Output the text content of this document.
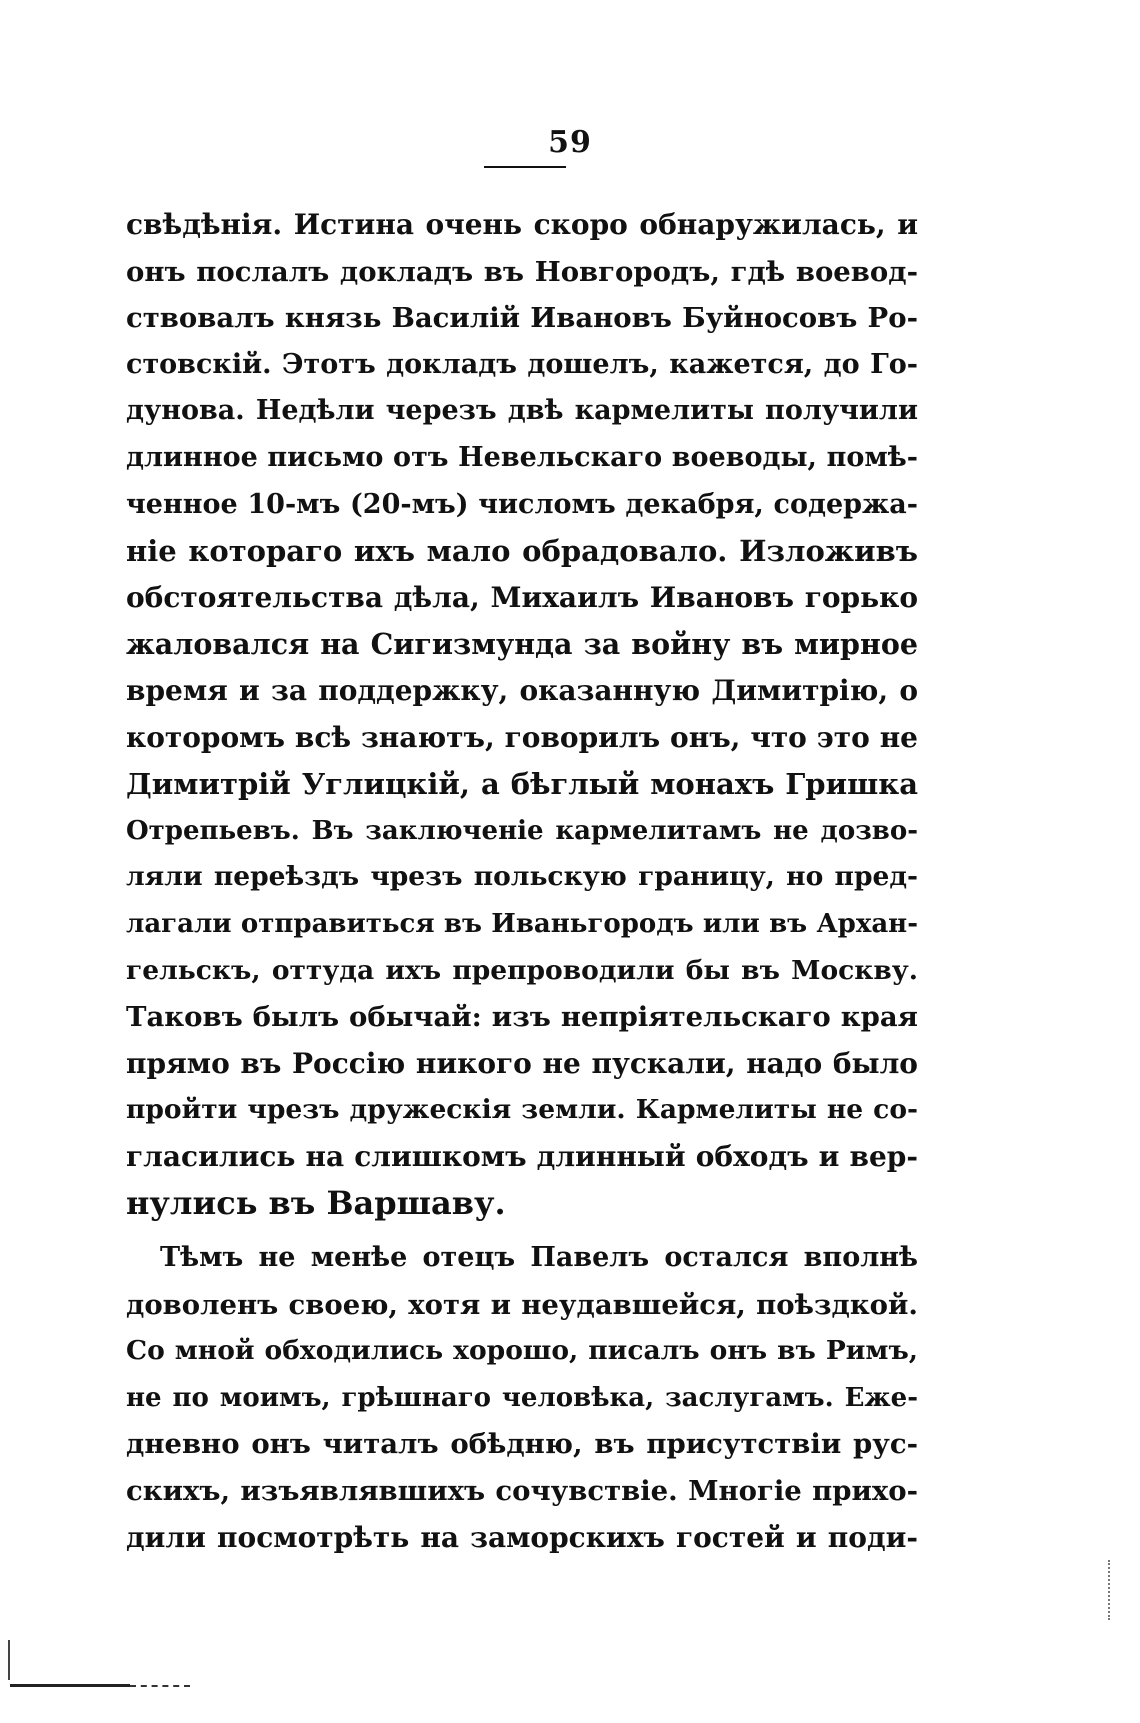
59
свѣдѣнія. Истина очень скоро обнаружилась, и
онъ послалъ докладъ въ Новгородъ, гдѣ воевод-
ствовалъ князь Василій Ивановъ Буйносовъ Ро-
стовскій. Этотъ докладъ дошелъ, кажется, до Го-
дунова. Недѣли черезъ двѣ кармелиты получили
длинное письмо отъ Невельскаго воеводы, помѣ-
ченное 10-мъ (20-мъ) числомъ декабря, содержа-
ніе котораго ихъ мало обрадовало. Изложивъ
обстоятельства дѣла, Михаилъ Ивановъ горько
жаловался на Сигизмунда за войну въ мирное
время и за поддержку, оказанную Димитрію, о
которомъ всѣ знаютъ, говорилъ онъ, что это не
Димитрій Углицкій, а бѣглый монахъ Гришка
Отрепьевъ. Въ заключеніе кармелитамъ не дозво-
ляли переѣздъ чрезъ польскую границу, но пред-
лагали отправиться въ Иваньгородъ или въ Архан-
гельскъ, оттуда ихъ препроводили бы въ Москву.
Таковъ былъ обычай: изъ непріятельскаго края
прямо въ Россію никого не пускали, надо было
пройти чрезъ дружескія земли. Кармелиты не со-
гласились на слишкомъ длинный обходъ и вер-
нулись въ Варшаву.
Тѣмъ не менѣе отецъ Павелъ остался вполнѣ
доволенъ своею, хотя и неудавшейся, поѣздкой.
Со мной обходились хорошо, писалъ онъ въ Римъ,
не по моимъ, грѣшнаго человѣка, заслугамъ. Еже-
дневно онъ читалъ обѣдню, въ присутствіи рус-
скихъ, изъявлявшихъ сочувствіе. Многіе прихо-
дили посмотрѣть на заморскихъ гостей и поди-
